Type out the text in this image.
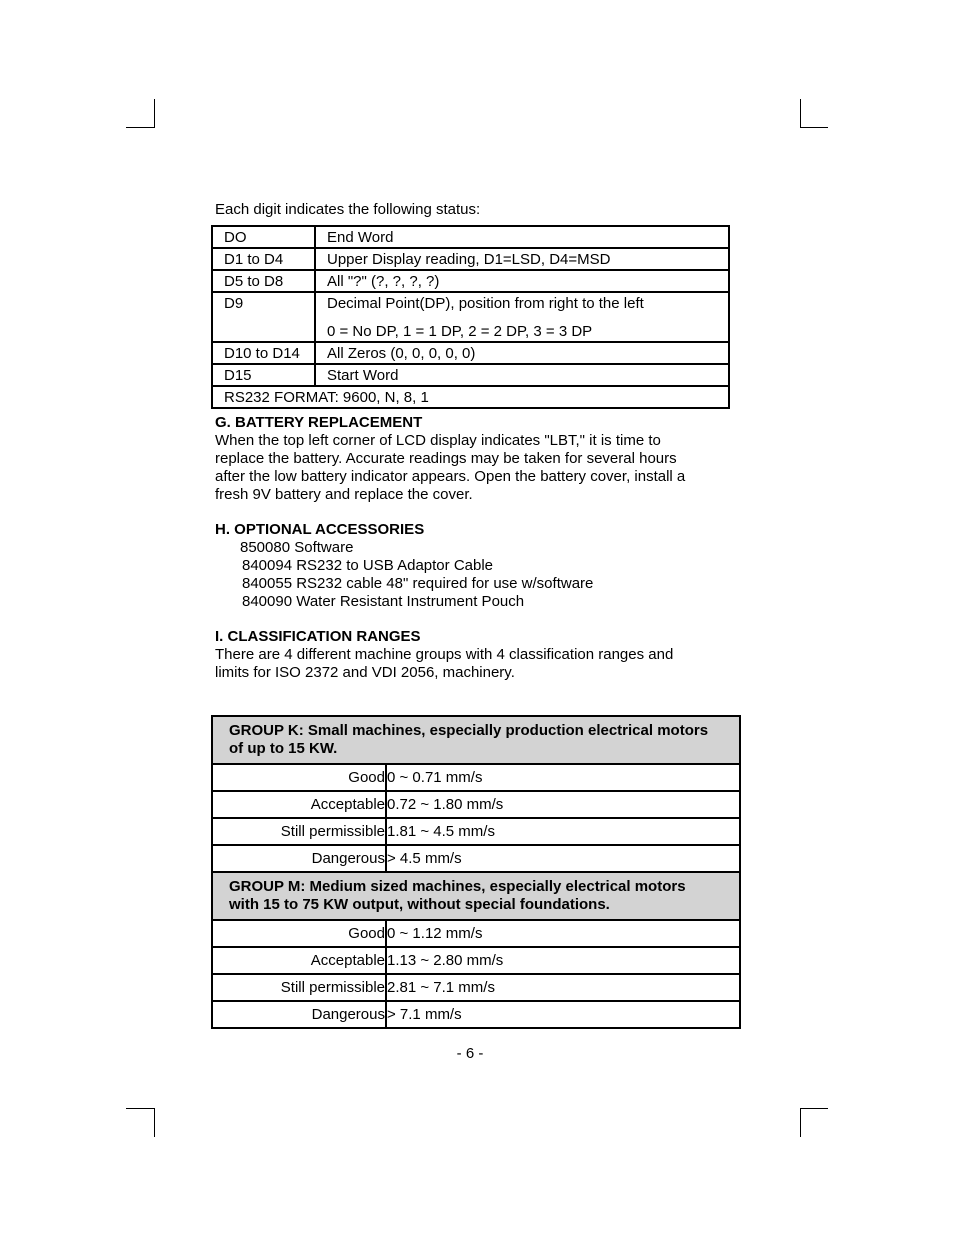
Each digit indicates the following status:
DO	End Word
D1 to D4	Upper Display reading, D1=LSD, D4=MSD
D5 to D8	All "?" (?, ?, ?, ?)
D9	Decimal Point(DP), position from right to the left
0 = No DP, 1 = 1 DP, 2 = 2 DP, 3 = 3 DP

D10 to D14	All Zeros (0, 0, 0, 0, 0)
D15	Start Word
RS232 FORMAT: 9600, N, 8, 1	
G. BATTERY REPLACEMENT
When the top left corner of LCD display indicates "LBT," it is time to
replace the battery. Accurate readings may be taken for several hours
after the low battery indicator appears. Open the battery cover, install a
fresh 9V battery and replace the cover.
H. OPTIONAL ACCESSORIES
850080 Software
840094 RS232 to USB Adaptor Cable
840055 RS232 cable 48" required for use w/software
840090 Water Resistant Instrument Pouch
I. CLASSIFICATION RANGES
There are 4 different machine groups with 4 classification ranges and
limits for ISO 2372 and VDI 2056, machinery.
GROUP K: Small machines, especially production electrical motors
of up to 15 KW.	

Good	0 ~ 0.71 mm/s
Acceptable	0.72 ~ 1.80 mm/s
Still permissible	1.81 ~ 4.5 mm/s
Dangerous	> 4.5 mm/s

GROUP M: Medium sized machines, especially electrical motors
with 15 to 75 KW output, without special foundations.	

Good	0 ~ 1.12 mm/s
Acceptable	1.13 ~ 2.80 mm/s
Still permissible	2.81 ~ 7.1 mm/s
Dangerous	> 7.1 mm/s
- 6 -
